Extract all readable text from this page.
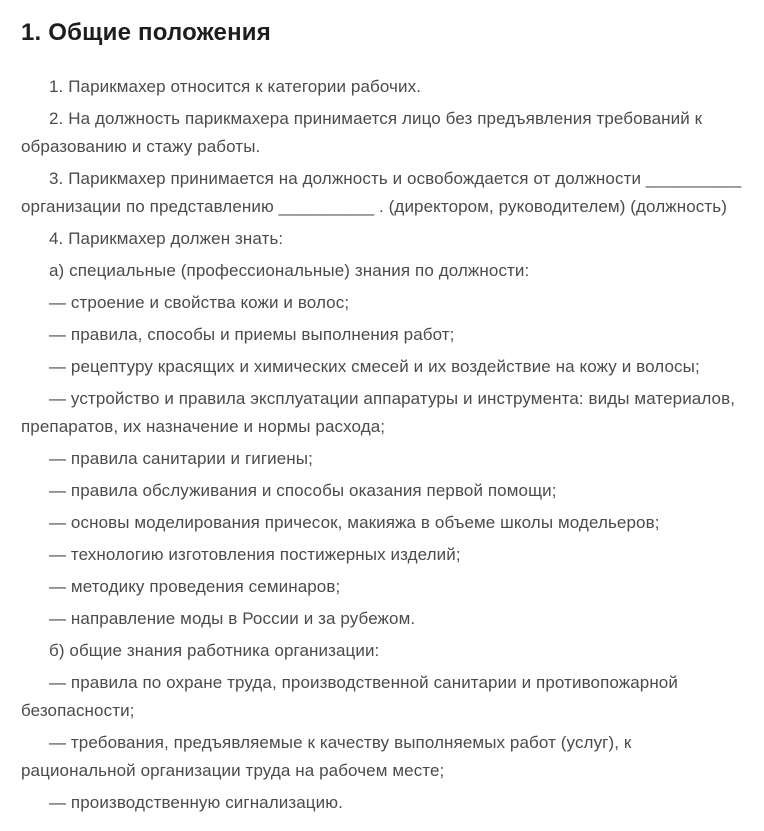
1. Общие положения

1. Парикмахер относится к категории рабочих.

2. На должность парикмахера принимается лицо без предъявления требований к образованию и стажу работы.

3. Парикмахер принимается на должность и освобождается от должности __________ организации по представлению __________ . (директором, руководителем) (должность)

4. Парикмахер должен знать:

а) специальные (профессиональные) знания по должности:

— строение и свойства кожи и волос;

— правила, способы и приемы выполнения работ;

— рецептуру красящих и химических смесей и их воздействие на кожу и волосы;

— устройство и правила эксплуатации аппаратуры и инструмента: виды материалов, препаратов, их назначение и нормы расхода;

— правила санитарии и гигиены;

— правила обслуживания и способы оказания первой помощи;

— основы моделирования причесок, макияжа в объеме школы модельеров;

— технологию изготовления постижерных изделий;

— методику проведения семинаров;

— направление моды в России и за рубежом.

б) общие знания работника организации:

— правила по охране труда, производственной санитарии и противопожарной безопасности;

— требования, предъявляемые к качеству выполняемых работ (услуг), к рациональной организации труда на рабочем месте;

— производственную сигнализацию.
